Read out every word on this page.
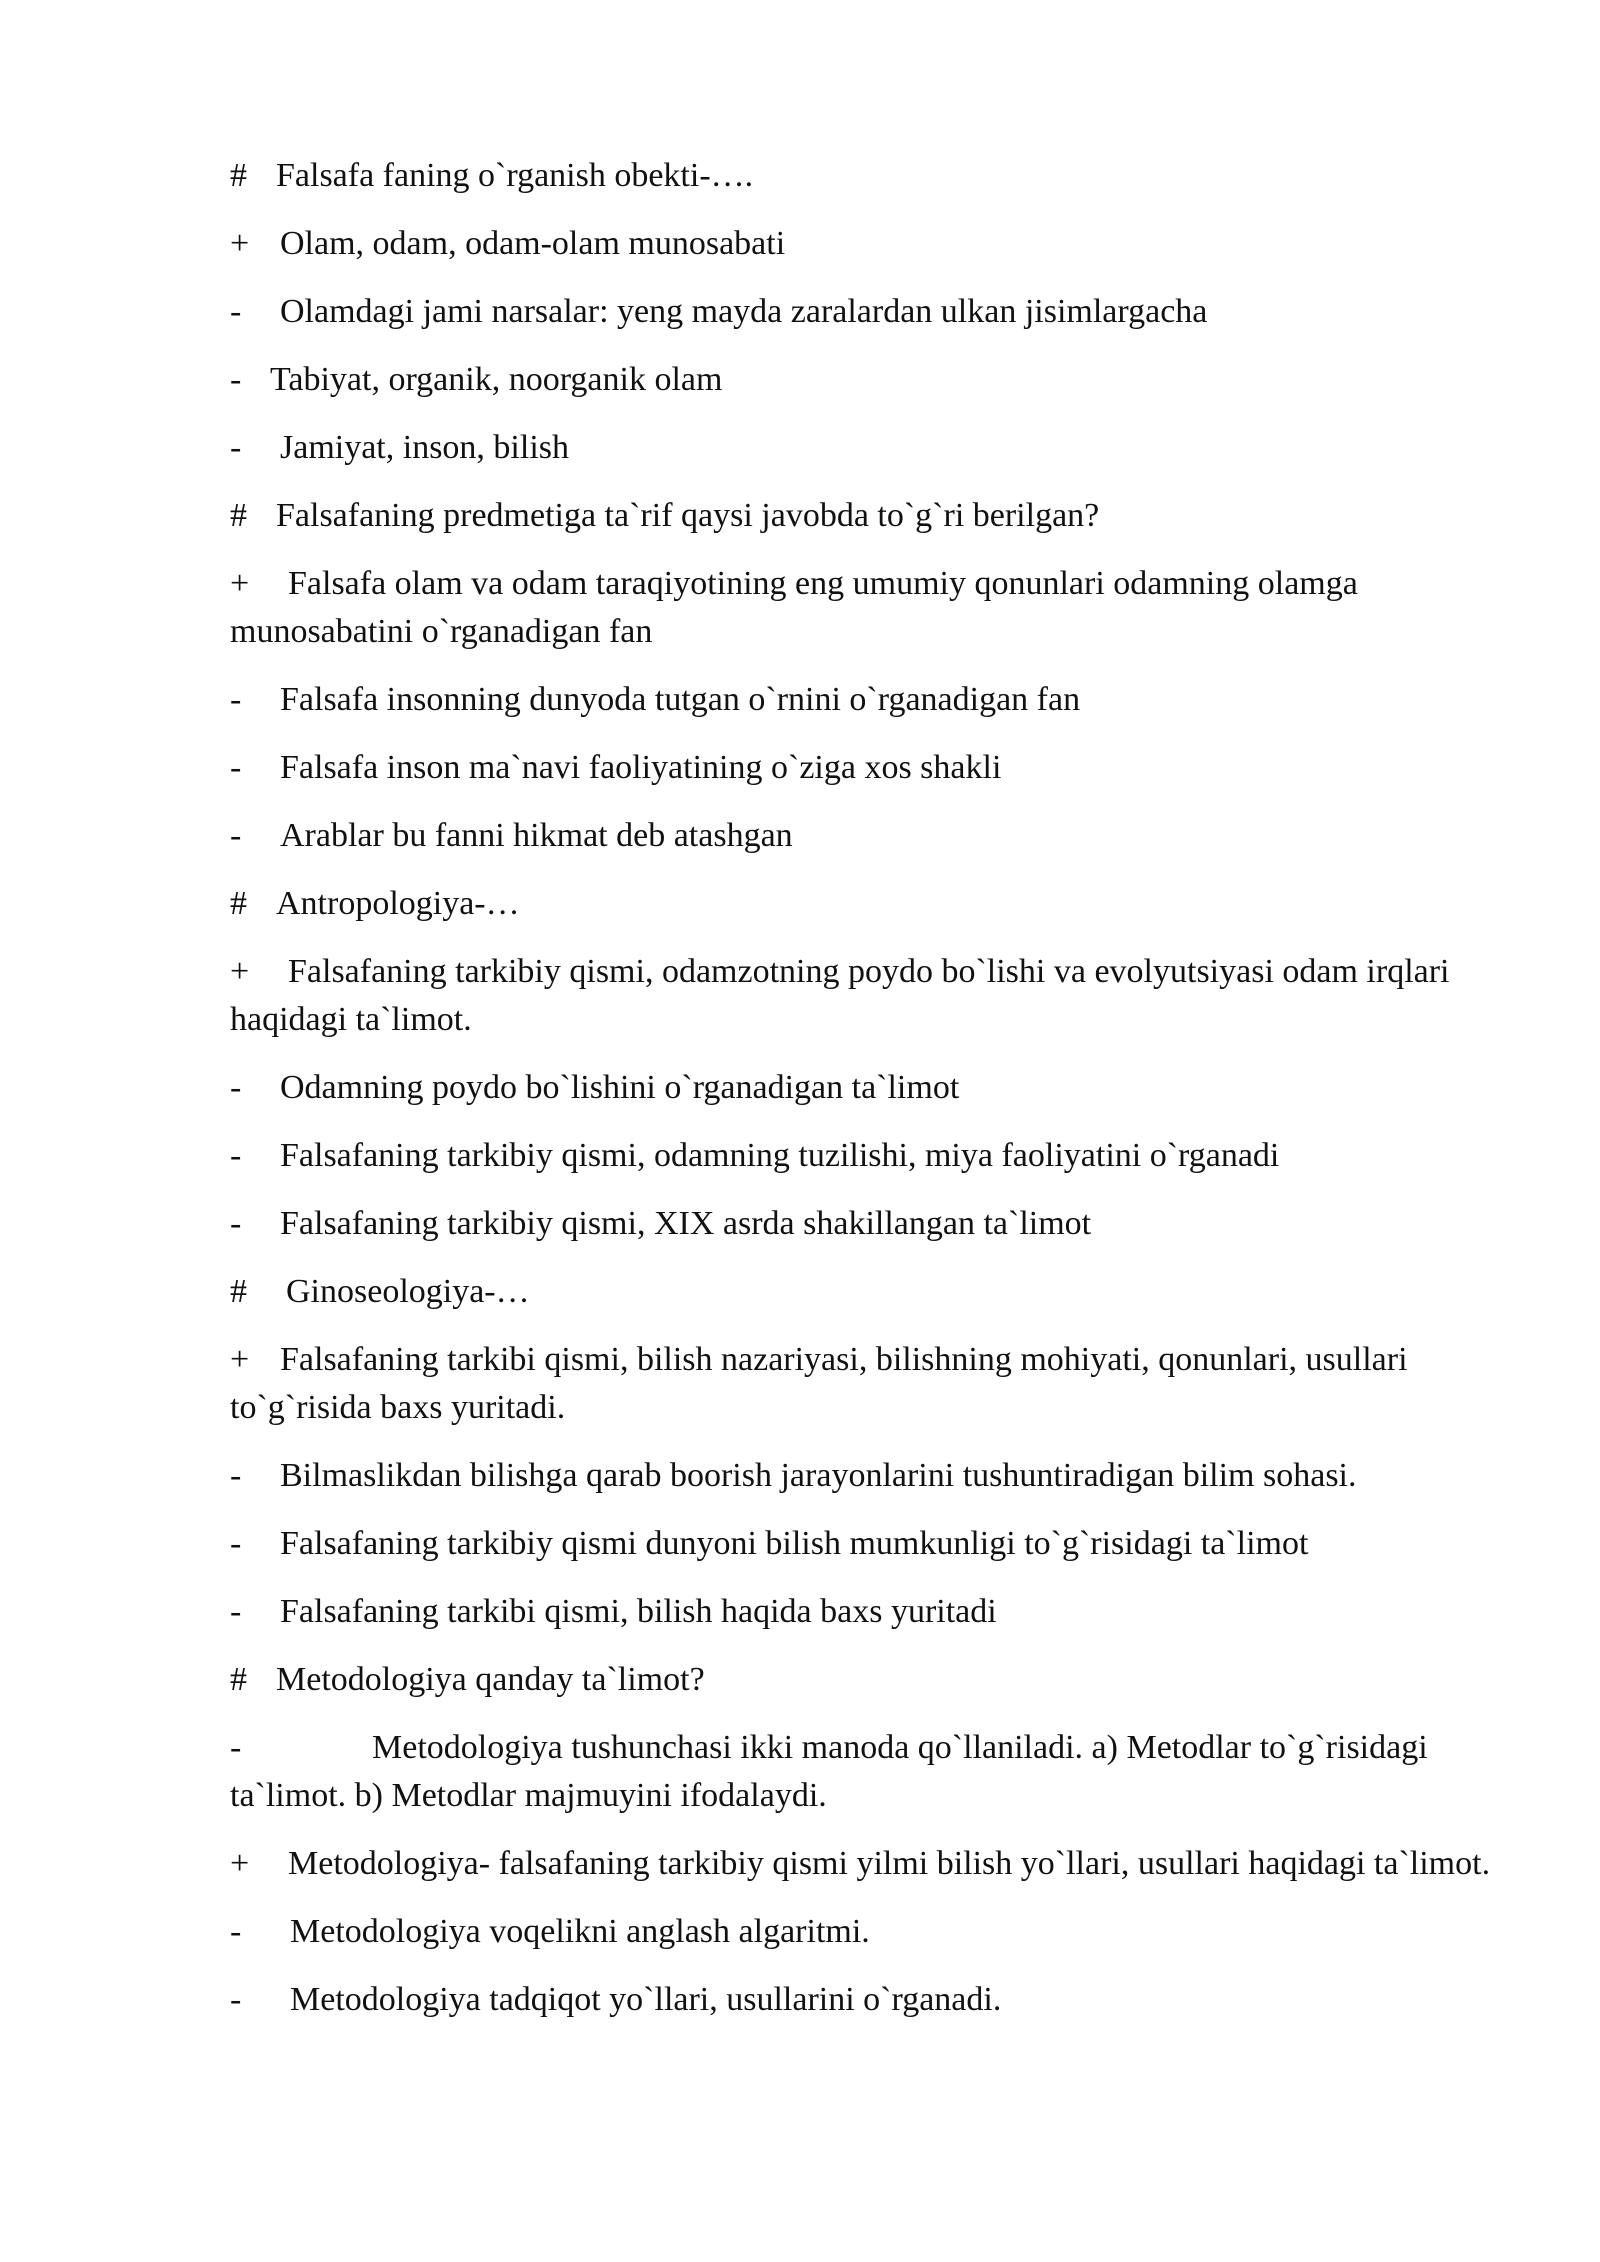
# Falsafa faning o`rganish obekti-….

+ Olam, odam, odam-olam munosabati

- Olamdagi jami narsalar: yeng mayda zaralardan ulkan jisimlargacha

- Tabiyat, organik, noorganik olam

- Jamiyat, inson, bilish

# Falsafaning predmetiga ta`rif qaysi javobda to`g`ri berilgan?

+ Falsafa olam va odam taraqiyotining eng umumiy qonunlari odamning olamga munosabatini o`rganadigan fan

- Falsafa insonning dunyoda tutgan o`rnini o`rganadigan fan

- Falsafa inson ma`navi faoliyatining o`ziga xos shakli

- Arablar bu fanni hikmat deb atashgan

# Antropologiya-…

+ Falsafaning tarkibiy qismi, odamzotning poydo bo`lishi va evolyutsiyasi odam irqlari haqidagi ta`limot.

- Odamning poydo bo`lishini o`rganadigan ta`limot

- Falsafaning tarkibiy qismi, odamning tuzilishi, miya faoliyatini o`rganadi

- Falsafaning tarkibiy qismi, XIX asrda shakillangan ta`limot

# Ginoseologiya-…

+ Falsafaning tarkibi qismi, bilish nazariyasi, bilishning mohiyati, qonunlari, usullari to`g`risida baxs yuritadi.

- Bilmaslikdan bilishga qarab boorish jarayonlarini tushuntiradigan bilim sohasi.

- Falsafaning tarkibiy qismi dunyoni bilish mumkunligi to`g`risidagi ta`limot

- Falsafaning tarkibi qismi, bilish haqida baxs yuritadi

# Metodologiya qanday ta`limot?

-	Metodologiya tushunchasi ikki manoda qo`llaniladi. a) Metodlar to`g`risidagi ta`limot. b) Metodlar majmuyini ifodalaydi.

+ Metodologiya- falsafaning tarkibiy qismi yilmi bilish yo`llari, usullari haqidagi ta`limot.

- Metodologiya voqelikni anglash algaritmi.

- Metodologiya tadqiqot yo`llari, usullarini o`rganadi.
